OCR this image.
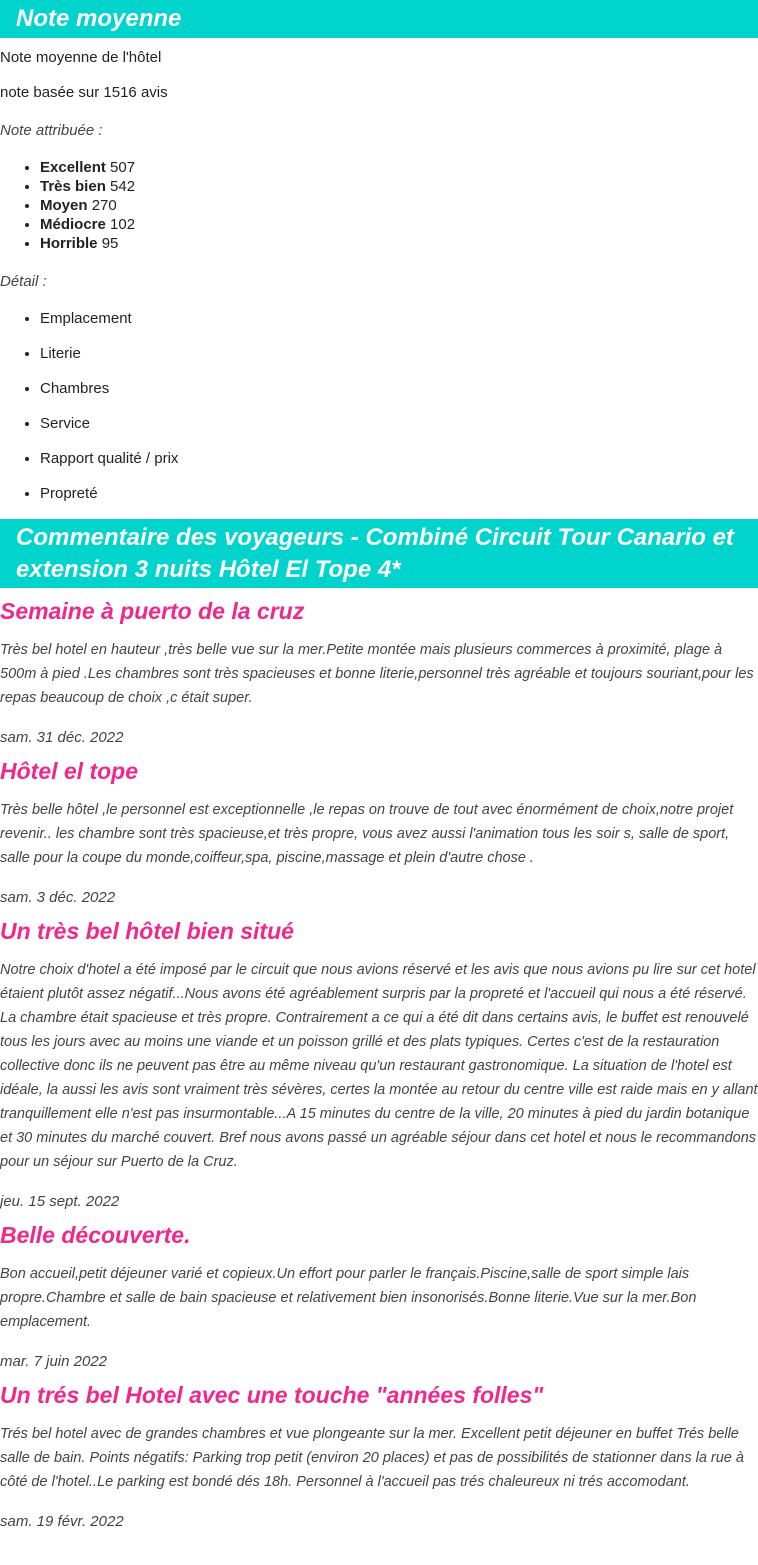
Note moyenne

Note moyenne de l'hôtel

note basée sur 1516 avis

Note attribuée :

• Excellent 507
• Très bien 542
• Moyen 270
• Médiocre 102
• Horrible 95

Détail :

• Emplacement
• Literie
• Chambres
• Service
• Rapport qualité / prix
• Propreté
Commentaire des voyageurs - Combiné Circuit Tour Canario et extension 3 nuits Hôtel El Tope 4*
Semaine à puerto de la cruz

Très bel hotel en hauteur ,très belle vue sur la mer.Petite montée mais plusieurs commerces à proximité, plage à 500m à pied .Les chambres sont très spacieuses et bonne literie,personnel très agréable et toujours souriant,pour les repas beaucoup de choix ,c était super.

sam. 31 déc. 2022

Hôtel el tope

Très belle hôtel ,le personnel est exceptionnelle ,le repas on trouve de tout avec énormément de choix,notre projet revenir.. les chambre sont très spacieuse,et très propre, vous avez aussi l'animation tous les soir s, salle de sport, salle pour la coupe du monde,coiffeur,spa, piscine,massage et plein d'autre chose .

sam. 3 déc. 2022

Un très bel hôtel bien situé

Notre choix d'hotel a été imposé par le circuit que nous avions réservé et les avis que nous avions pu lire sur cet hotel étaient plutôt assez négatif...Nous avons été agréablement surpris par la propreté et l'accueil qui nous a été réservé. La chambre était spacieuse et très propre. Contrairement a ce qui a été dit dans certains avis, le buffet est renouvelé tous les jours avec au moins une viande et un poisson grillé et des plats typiques. Certes c'est de la restauration collective donc ils ne peuvent pas être au même niveau qu'un restaurant gastronomique. La situation de l'hotel est idéale, la aussi les avis sont vraiment très sévères, certes la montée au retour du centre ville est raide mais en y allant tranquillement elle n'est pas insurmontable...A 15 minutes du centre de la ville, 20 minutes à pied du jardin botanique et 30 minutes du marché couvert. Bref nous avons passé un agréable séjour dans cet hotel et nous le recommandons pour un séjour sur Puerto de la Cruz.

jeu. 15 sept. 2022

Belle découverte.

Bon accueil,petit déjeuner varié et copieux.Un effort pour parler le français.Piscine,salle de sport simple lais propre.Chambre et salle de bain spacieuse et relativement bien insonorisés.Bonne literie.Vue sur la mer.Bon emplacement.

mar. 7 juin 2022

Un trés bel Hotel avec une touche "années folles"

Trés bel hotel avec de grandes chambres et vue plongeante sur la mer. Excellent petit déjeuner en buffet Trés belle salle de bain. Points négatifs: Parking trop petit (environ 20 places) et pas de possibilités de stationner dans la rue à côté de l'hotel..Le parking est bondé dés 18h. Personnel à l'accueil pas trés chaleureux ni trés accomodant.

sam. 19 févr. 2022
